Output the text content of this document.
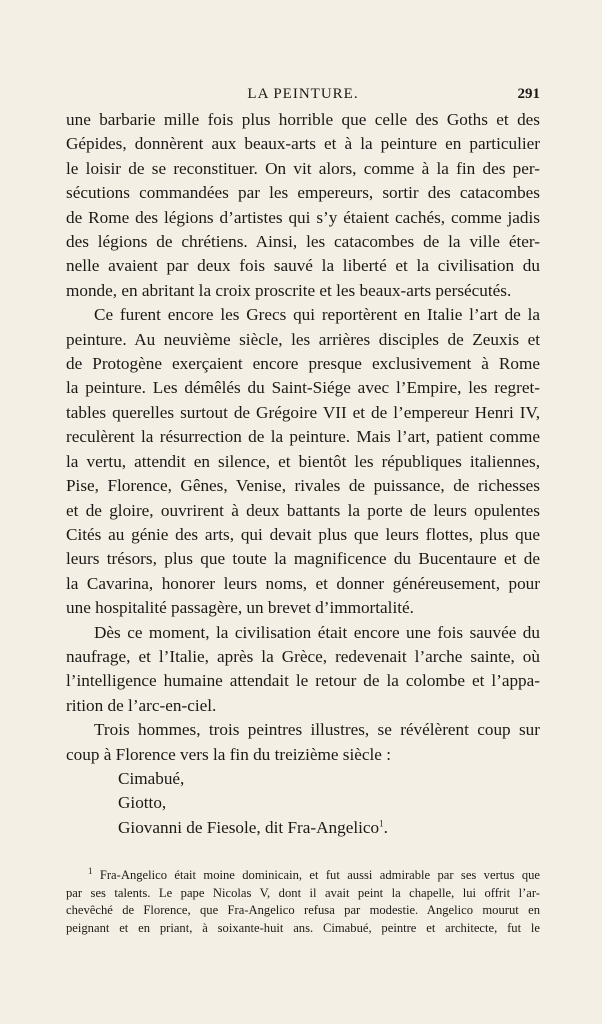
LA PEINTURE.	291
une barbarie mille fois plus horrible que celle des Goths et des
Gépides, donnèrent aux beaux-arts et à la peinture en particulier
le loisir de se reconstituer. On vit alors, comme à la fin des per-
sécutions commandées par les empereurs, sortir des catacombes
de Rome des légions d’artistes qui s’y étaient cachés, comme jadis
des légions de chrétiens. Ainsi, les catacombes de la ville éter-
nelle avaient par deux fois sauvé la liberté et la civilisation du
monde, en abritant la croix proscrite et les beaux-arts persécutés.
Ce furent encore les Grecs qui reportèrent en Italie l’art de la
peinture. Au neuvième siècle, les arrières disciples de Zeuxis et
de Protogène exerçaient encore presque exclusivement à Rome
la peinture. Les démêlés du Saint-Siége avec l’Empire, les regret-
tables querelles surtout de Grégoire VII et de l’empereur Henri IV,
reculèrent la résurrection de la peinture. Mais l’art, patient comme
la vertu, attendit en silence, et bientôt les républiques italiennes,
Pise, Florence, Gênes, Venise, rivales de puissance, de richesses
et de gloire, ouvrirent à deux battants la porte de leurs opulentes
Cités au génie des arts, qui devait plus que leurs flottes, plus que
leurs trésors, plus que toute la magnificence du Bucentaure et de
la Cavarina, honorer leurs noms, et donner généreusement, pour
une hospitalité passagère, un brevet d’immortalité.
Dès ce moment, la civilisation était encore une fois sauvée du
naufrage, et l’Italie, après la Grèce, redevenait l’arche sainte, où
l’intelligence humaine attendait le retour de la colombe et l’appa-
rition de l’arc-en-ciel.
Trois hommes, trois peintres illustres, se révélèrent coup sur
coup à Florence vers la fin du treizième siècle :
Cimabué,
Giotto,
Giovanni de Fiesole, dit Fra-Angelico$^1$.
$^1$ Fra-Angelico était moine dominicain, et fut aussi admirable par ses vertus que
par ses talents. Le pape Nicolas V, dont il avait peint la chapelle, lui offrit l’ar-
chevêché de Florence, que Fra-Angelico refusa par modestie. Angelico mourut en
peignant et en priant, à soixante-huit ans. Cimabué, peintre et architecte, fut le
